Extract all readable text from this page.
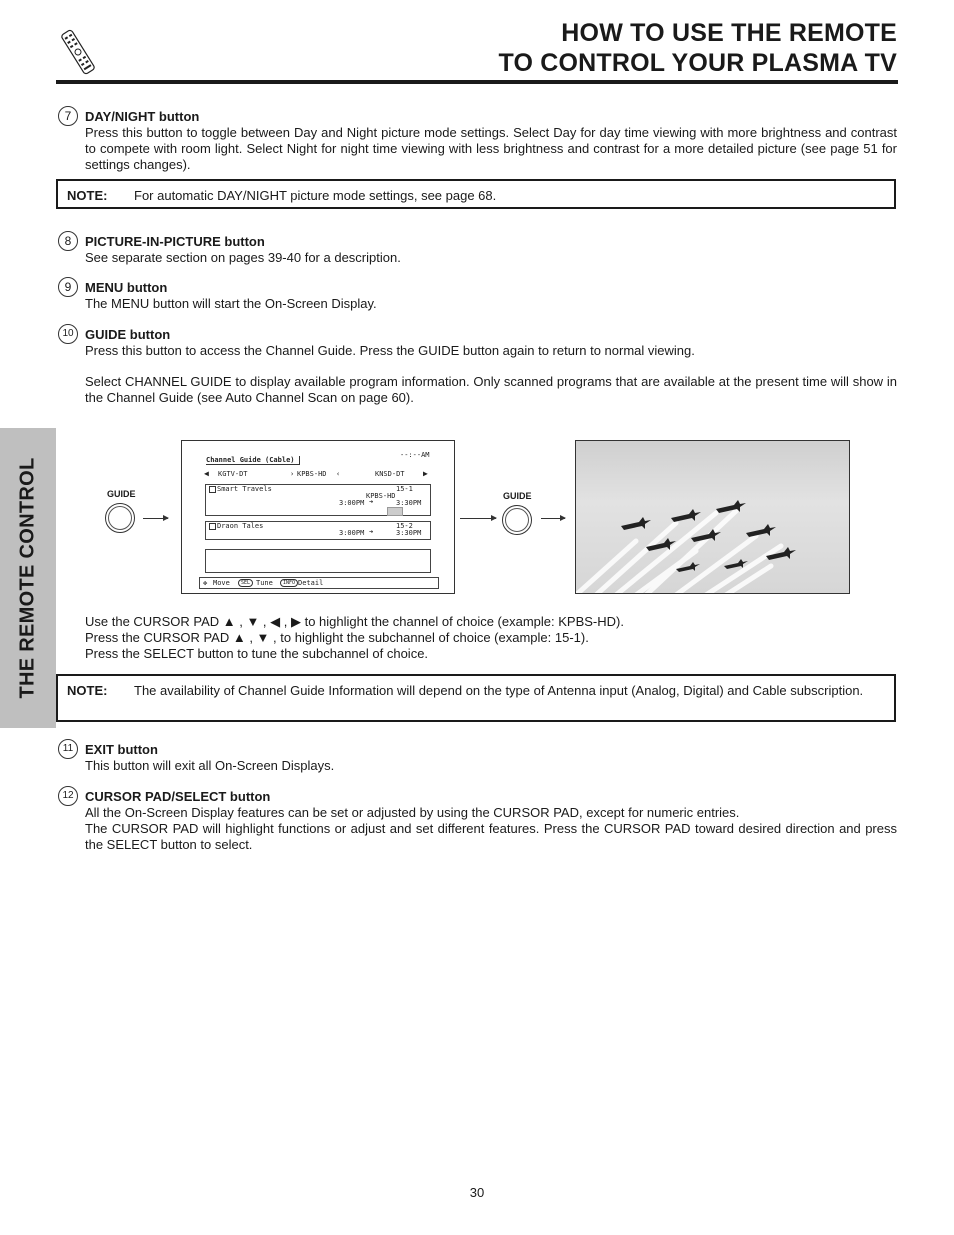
HOW TO USE THE REMOTE
TO CONTROL YOUR PLASMA TV
THE REMOTE CONTROL
7	DAY/NIGHT button

Press this button to toggle between Day and Night picture mode settings. Select Day for day time viewing with more brightness and contrast to compete with room light. Select Night for night time viewing with less brightness and contrast for a more detailed picture (see page 51 for settings changes).

NOTE: For automatic DAY/NIGHT picture mode settings, see page 68.
8	PICTURE-IN-PICTURE button

See separate section on pages 39-40 for a description.

9	MENU button

The MENU button will start the On-Screen Display.

10 GUIDE button

Press this button to access the Channel Guide. Press the GUIDE button again to return to normal viewing.

Select CHANNEL GUIDE to display available program information. Only scanned programs that are available at the present time will show in the Channel Guide (see Auto Channel Scan on page 60).

GUIDE
Channel Guide (Cable)
--:--AM
◀ KGTV-DT	› KPBS-HD ‹	KNSD-DT ▶
Smart Travels	15-1
KPBS-HD
3:00PM ➜	3:30PM
Draon Tales	15-2
3:00PM ➜	3:30PM
✥ Move	SEL Tune	INFO Detail
GUIDE

Use the CURSOR PAD ▲ , ▼ , ◀ , ▶ to highlight the channel of choice (example: KPBS-HD).

Press the CURSOR PAD ▲ , ▼ , to highlight the subchannel of choice (example: 15-1).

Press the SELECT button to tune the subchannel of choice.

NOTE: The availability of Channel Guide Information will depend on the type of Antenna input (Analog, Digital) and Cable subscription.
11 EXIT button

This button will exit all On-Screen Displays.

12 CURSOR PAD/SELECT button

All the On-Screen Display features can be set or adjusted by using the CURSOR PAD, except for numeric entries.

The CURSOR PAD will highlight functions or adjust and set different features. Press the CURSOR PAD toward desired direction and press the SELECT button to select.

30
